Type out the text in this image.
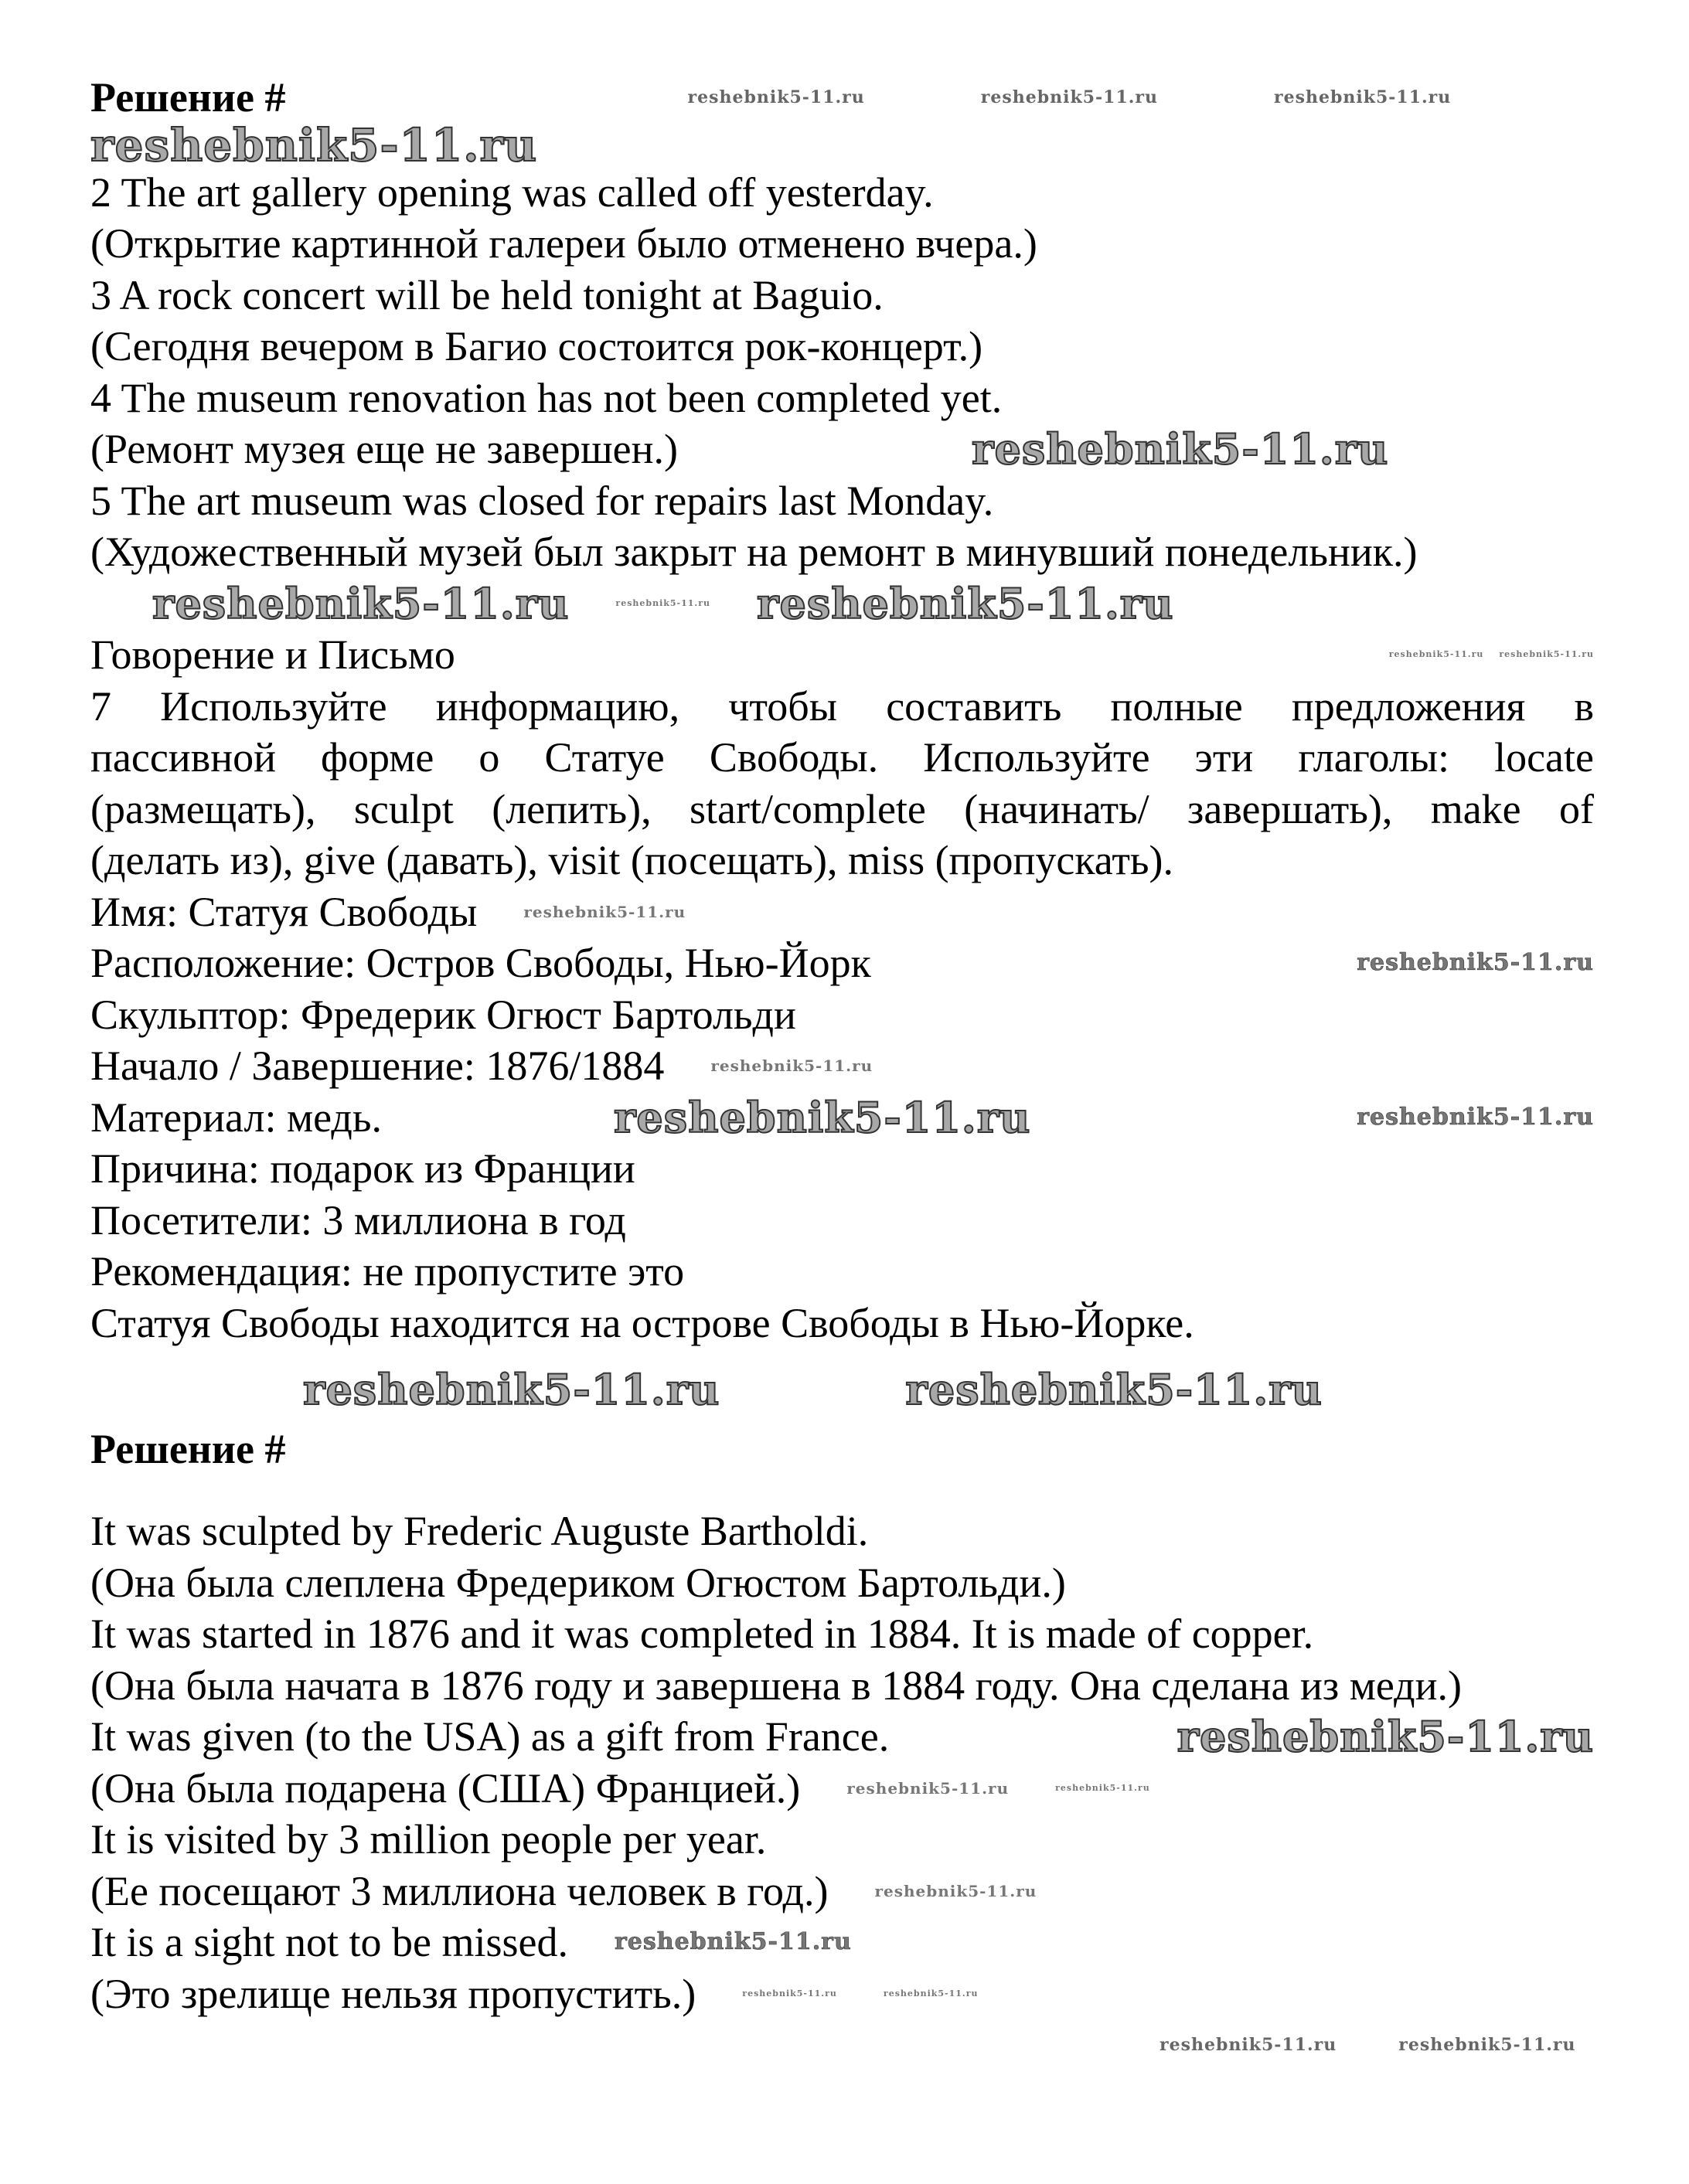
Решение #	reshebnik5-11.ru	reshebnik5-11.ru	reshebnik5-11.ru
reshebnik5-11.ru
2 The art gallery opening was called off yesterday.
(Открытие картинной галереи было отменено вчера.)
3 A rock concert will be held tonight at Baguio.
(Сегодня вечером в Багио состоится рок-концерт.)
4 The museum renovation has not been completed yet.
(Ремонт музея еще не завершен.)	reshebnik5-11.ru
5 The art museum was closed for repairs last Monday.
(Художественный музей был закрыт на ремонт в минувший понедельник.)
reshebnik5-11.ru	reshebnik5-11.ru reshebnik5-11.ru
Говорение и Письмо	reshebnik5-11.ru reshebnik5-11.ru
7 Используйте информацию, чтобы составить полные предложения в
пассивной форме о Статуе Свободы. Используйте эти глаголы: locate
(размещать), sculpt (лепить), start/complete (начинать/ завершать), make of
(делать из), give (давать), visit (посещать), miss (пропускать).
Имя: Статуя Свободы	reshebnik5-11.ru
Расположение: Остров Свободы, Нью-Йорк	reshebnik5-11.ru
Скульптор: Фредерик Огюст Бартольди
Начало / Завершение: 1876/1884	reshebnik5-11.ru
Материал: медь.	reshebnik5-11.ru	reshebnik5-11.ru
Причина: подарок из Франции
Посетители: 3 миллиона в год
Рекомендация: не пропустите это
Статуя Свободы находится на острове Свободы в Нью-Йорке.
reshebnik5-11.ru	reshebnik5-11.ru
Решение #
It was sculpted by Frederic Auguste Bartholdi.
(Она была слеплена Фредериком Огюстом Бартольди.)
It was started in 1876 and it was completed in 1884. It is made of copper.
(Она была начата в 1876 году и завершена в 1884 году. Она сделана из меди.)
It was given (to the USA) as a gift from France.	reshebnik5-11.ru
(Она была подарена (США) Францией.)	reshebnik5-11.ru	reshebnik5-11.ru
It is visited by 3 million people per year.
(Ее посещают 3 миллиона человек в год.)	reshebnik5-11.ru
It is a sight not to be missed. reshebnik5-11.ru
(Это зрелище нельзя пропустить.)	reshebnik5-11.ru	reshebnik5-11.ru
reshebnik5-11.ru	reshebnik5-11.ru
